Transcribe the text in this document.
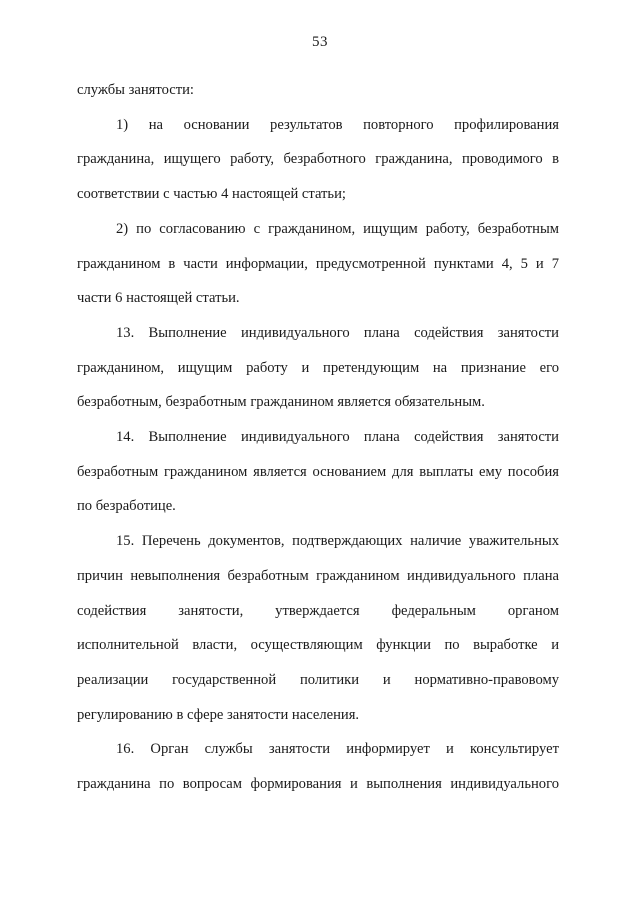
53
службы занятости:
1) на основании результатов повторного профилирования
гражданина, ищущего работу, безработного гражданина, проводимого в
соответствии с частью 4 настоящей статьи;
2) по согласованию с гражданином, ищущим работу, безработным
гражданином в части информации, предусмотренной пунктами 4, 5 и 7
части 6 настоящей статьи.
13. Выполнение индивидуального плана содействия занятости
гражданином, ищущим работу и претендующим на признание его
безработным, безработным гражданином является обязательным.
14. Выполнение индивидуального плана содействия занятости
безработным гражданином является основанием для выплаты ему пособия
по безработице.
15. Перечень документов, подтверждающих наличие уважительных
причин невыполнения безработным гражданином индивидуального плана
содействия занятости, утверждается федеральным органом
исполнительной власти, осуществляющим функции по выработке и
реализации государственной политики и нормативно-правовому
регулированию в сфере занятости населения.
16. Орган службы занятости информирует и консультирует
гражданина по вопросам формирования и выполнения индивидуального
